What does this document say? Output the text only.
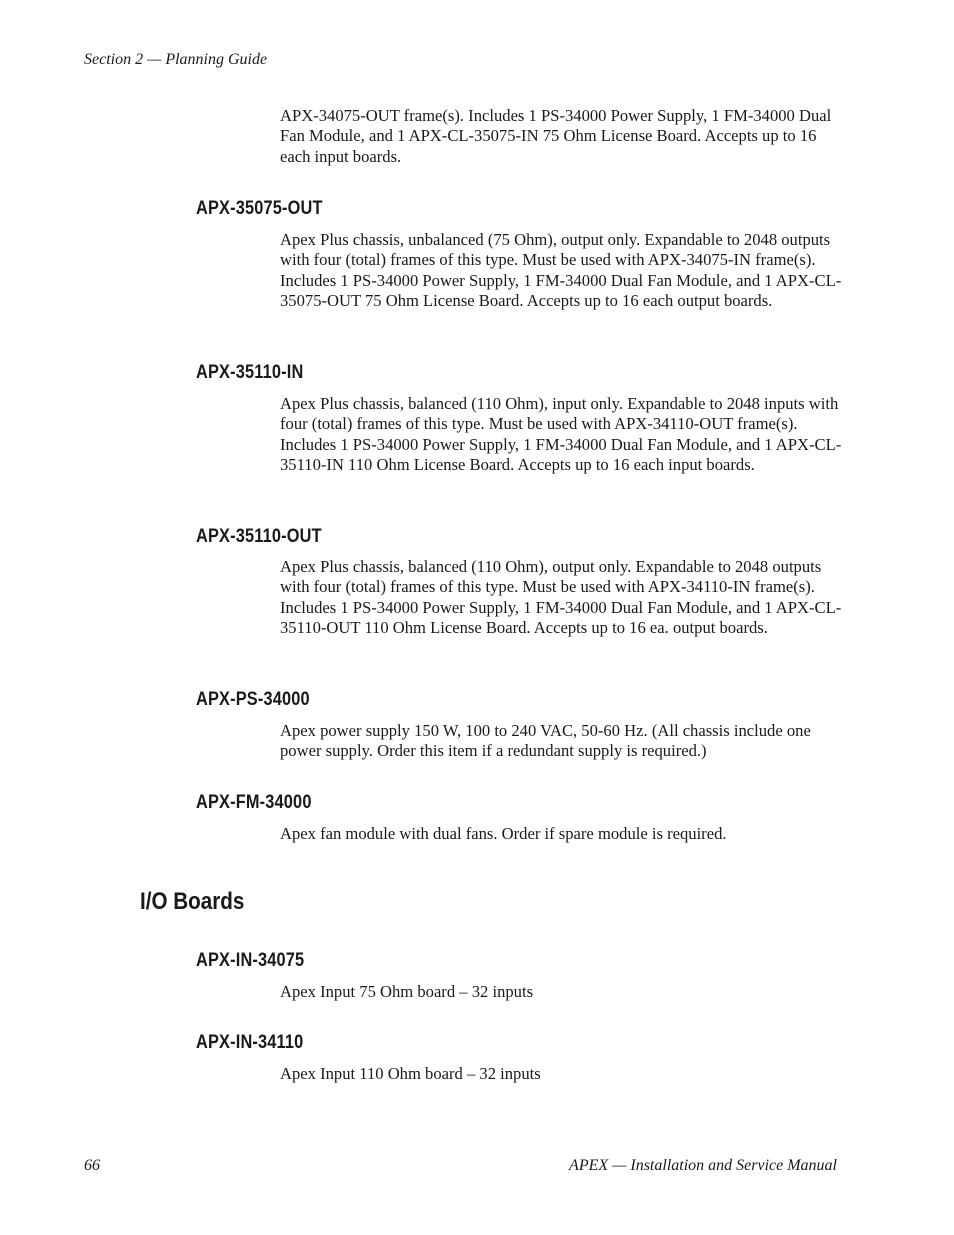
Section 2 — Planning Guide
APX-34075-OUT frame(s). Includes 1 PS-34000 Power Supply, 1 FM-34000 Dual Fan Module, and 1 APX-CL-35075-IN 75 Ohm License Board. Accepts up to 16 each input boards.
APX-35075-OUT
Apex Plus chassis, unbalanced (75 Ohm), output only. Expandable to 2048 outputs with four (total) frames of this type. Must be used with APX-34075-IN frame(s). Includes 1 PS-34000 Power Supply, 1 FM-34000 Dual Fan Module, and 1 APX-CL-35075-OUT 75 Ohm License Board. Accepts up to 16 each output boards.
APX-35110-IN
Apex Plus chassis, balanced (110 Ohm), input only. Expandable to 2048 inputs with four (total) frames of this type. Must be used with APX-34110-OUT frame(s). Includes 1 PS-34000 Power Supply, 1 FM-34000 Dual Fan Module, and 1 APX-CL-35110-IN 110 Ohm License Board. Accepts up to 16 each input boards.
APX-35110-OUT
Apex Plus chassis, balanced (110 Ohm), output only. Expandable to 2048 outputs with four (total) frames of this type. Must be used with APX-34110-IN frame(s). Includes 1 PS-34000 Power Supply, 1 FM-34000 Dual Fan Module, and 1 APX-CL-35110-OUT 110 Ohm License Board. Accepts up to 16 ea. output boards.
APX-PS-34000
Apex power supply 150 W, 100 to 240 VAC, 50-60 Hz. (All chassis include one power supply. Order this item if a redundant supply is required.)
APX-FM-34000
Apex fan module with dual fans. Order if spare module is required.
I/O Boards
APX-IN-34075
Apex Input 75 Ohm board – 32 inputs
APX-IN-34110
Apex Input 110 Ohm board – 32 inputs
66	APEX — Installation and Service Manual
